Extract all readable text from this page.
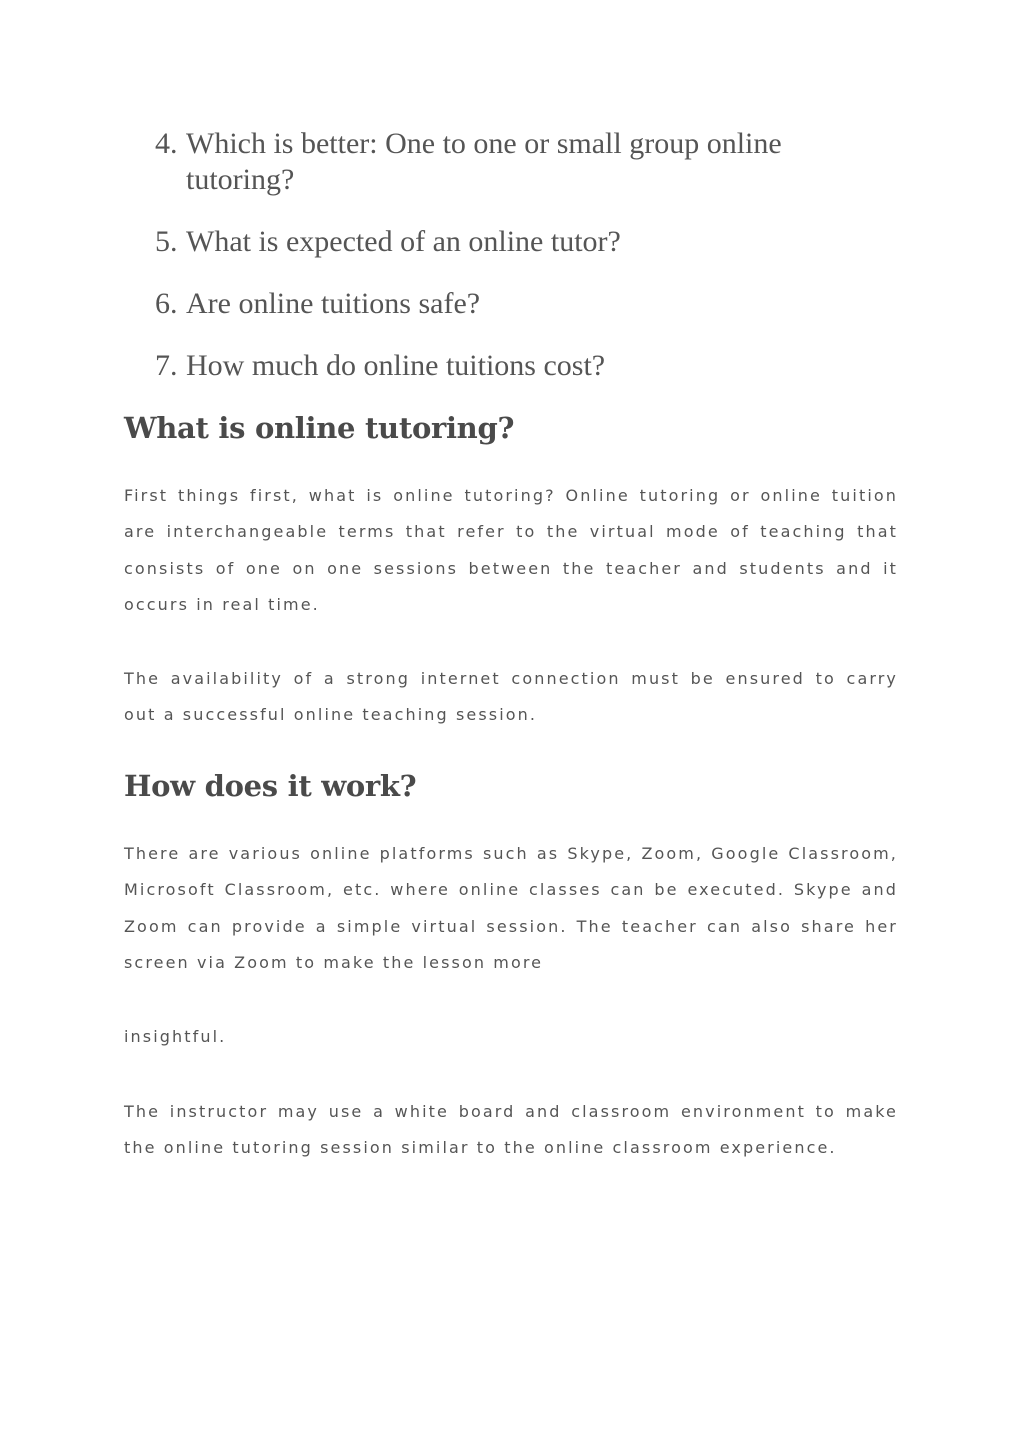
4. Which is better: One to one or small group online tutoring?
5. What is expected of an online tutor?
6. Are online tuitions safe?
7. How much do online tuitions cost?
What is online tutoring?

First things first, what is online tutoring? Online tutoring or online tuition are interchangeable terms that refer to the virtual mode of teaching that consists of one on one sessions between the teacher and students and it occurs in real time.

The availability of a strong internet connection must be ensured to carry out a successful online teaching session.

How does it work?

There are various online platforms such as Skype, Zoom, Google Classroom, Microsoft Classroom, etc. where online classes can be executed. Skype and Zoom can provide a simple virtual session. The teacher can also share her screen via Zoom to make the lesson more

insightful.

The instructor may use a white board and classroom environment to make the online tutoring session similar to the online classroom experience.
